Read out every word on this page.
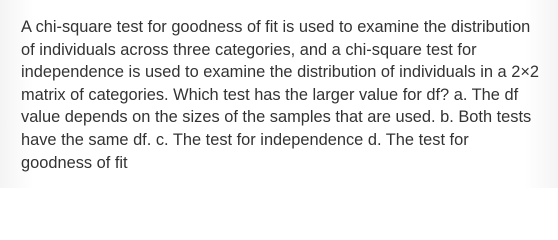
A chi-square test for goodness of fit is used to examine the distribution of individuals across three categories, and a chi-square test for independence is used to examine the distribution of individuals in a 2×2 matrix of categories. Which test has the larger value for df? a. The df value depends on the sizes of the samples that are used. b. Both tests have the same df. c. The test for independence d. The test for goodness of fit
